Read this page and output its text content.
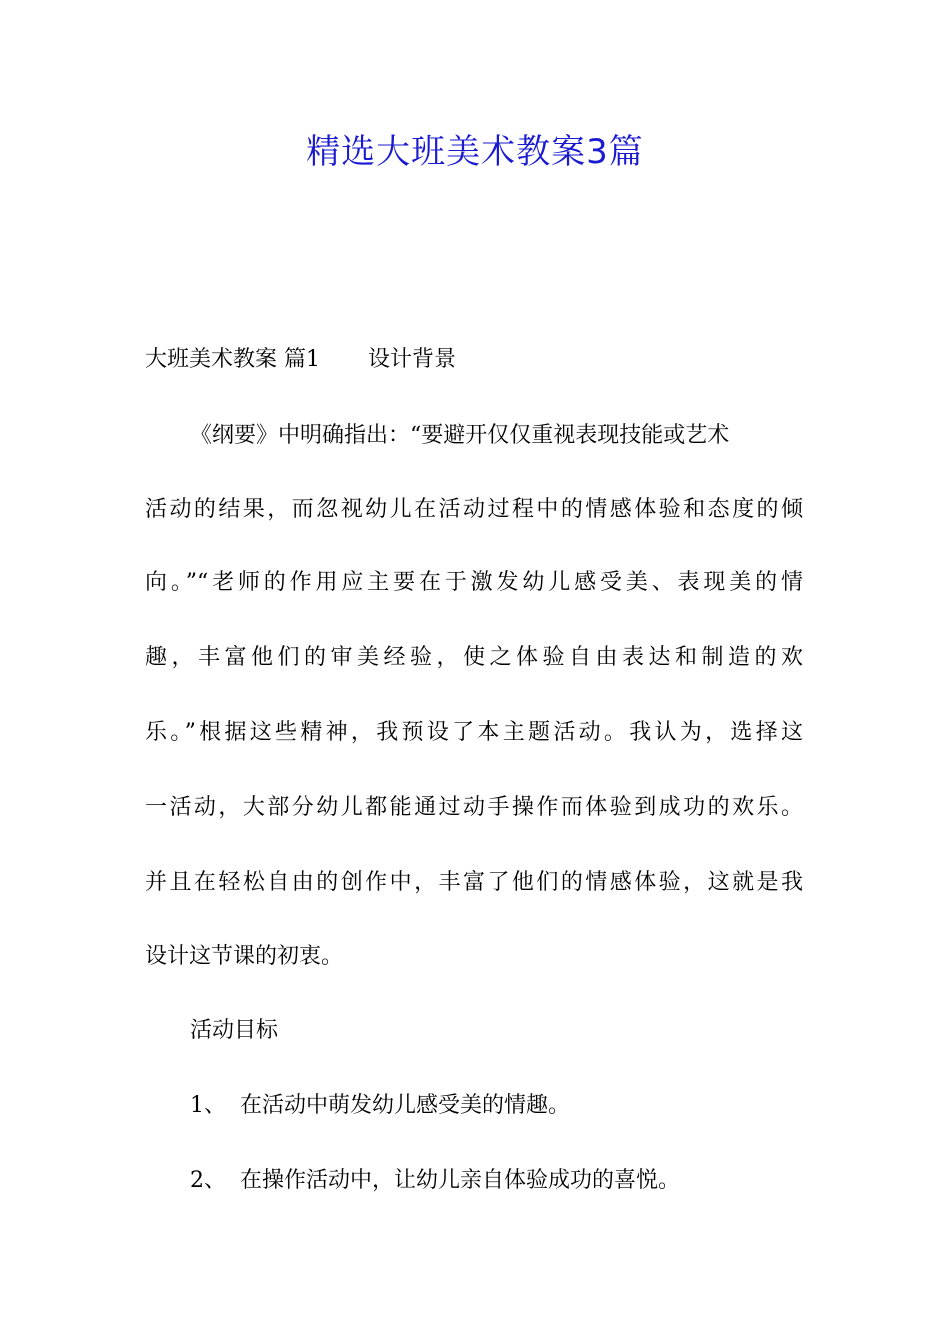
精选大班美术教案3篇
大班美术教案 篇1 设计背景
《纲要》中明确指出：“要避开仅仅重视表现技能或艺术
活动的结果，而忽视幼儿在活动过程中的情感体验和态度的倾
向。”“老师的作用应主要在于激发幼儿感受美、表现美的情
趣，丰富他们的审美经验，使之体验自由表达和制造的欢
乐。”根据这些精神，我预设了本主题活动。我认为，选择这
一活动，大部分幼儿都能通过动手操作而体验到成功的欢乐。
并且在轻松自由的创作中，丰富了他们的情感体验，这就是我
设计这节课的初衷。
活动目标
1、 在活动中萌发幼儿感受美的情趣。
2、 在操作活动中，让幼儿亲自体验成功的喜悦。
